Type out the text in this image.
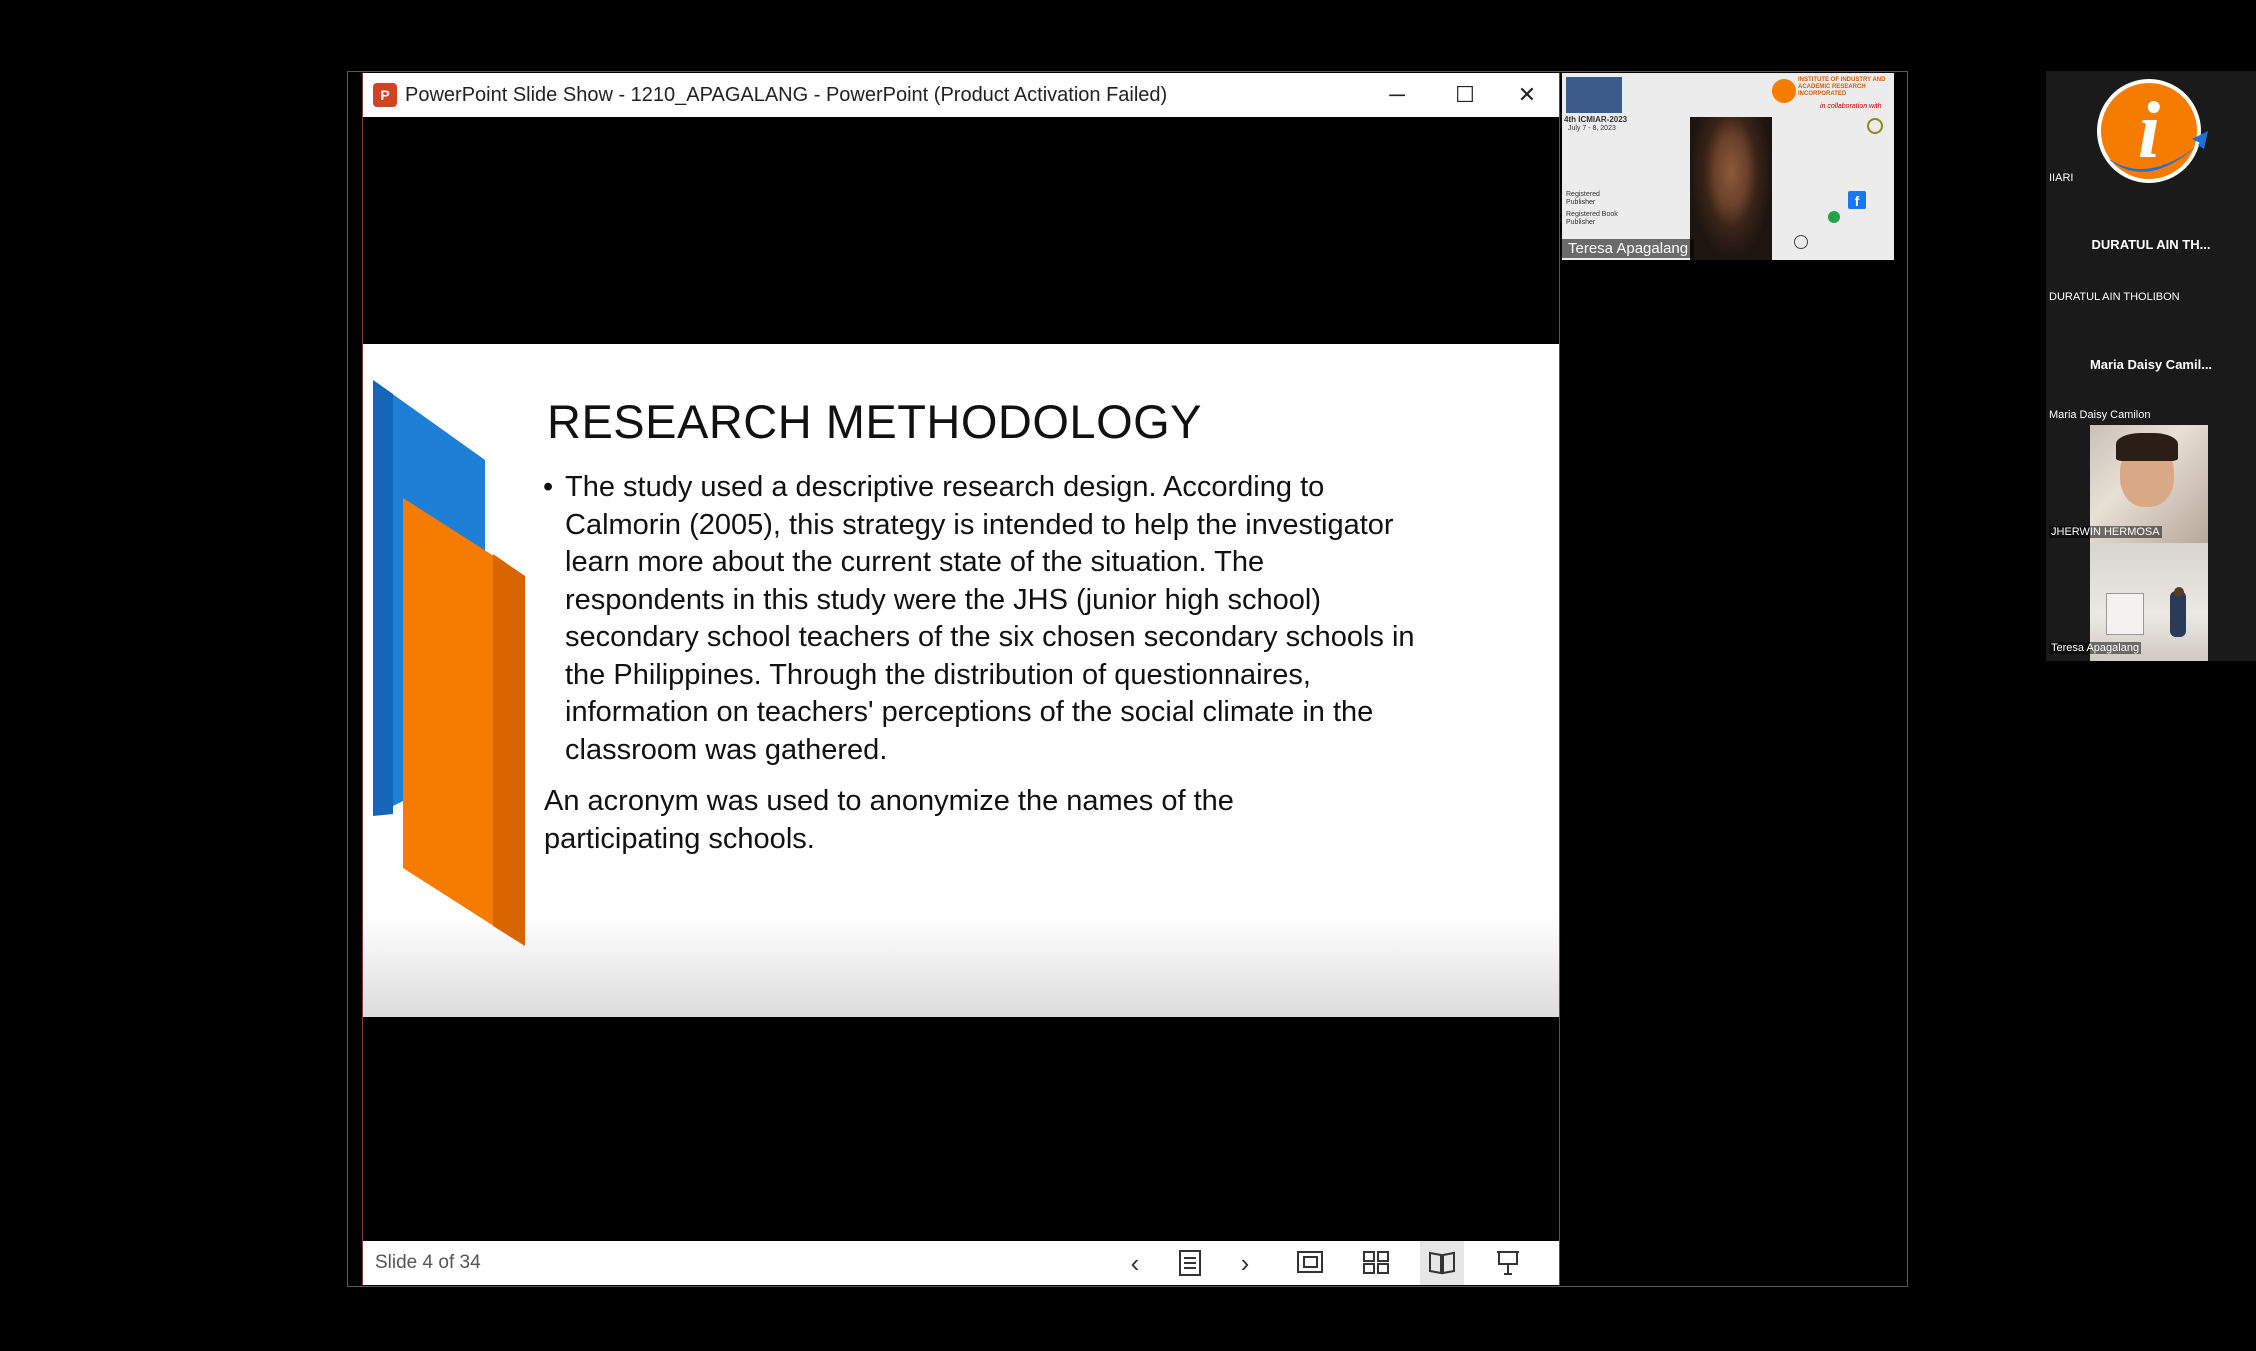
P PowerPoint Slide Show - 1210_APAGALANG - PowerPoint (Product Activation Failed)	─	☐	✕
RESEARCH METHODOLOGY
• The study used a descriptive research design. According to Calmorin (2005), this strategy is intended to help the investigator learn more about the current state of the situation. The respondents in this study were the JHS (junior high school) secondary school teachers of the six chosen secondary schools in the Philippines. Through the distribution of questionnaires, information on teachers' perceptions of the social climate in the classroom was gathered.
An acronym was used to anonymize the names of the participating schools.
Slide 4 of 34	‹	›
4th ICMIAR-2023
July 7 - 8, 2023
INSTITUTE OF INDUSTRY AND ACADEMIC RESEARCH INCORPORATED
in collaboration with
Registered Publisher
Registered Book Publisher
f
Teresa Apagalang
i
IIARI
DURATUL AIN TH...
DURATUL AIN THOLIBON
Maria Daisy Camil...
Maria Daisy Camilon
JHERWIN HERMOSA
Teresa Apagalang
